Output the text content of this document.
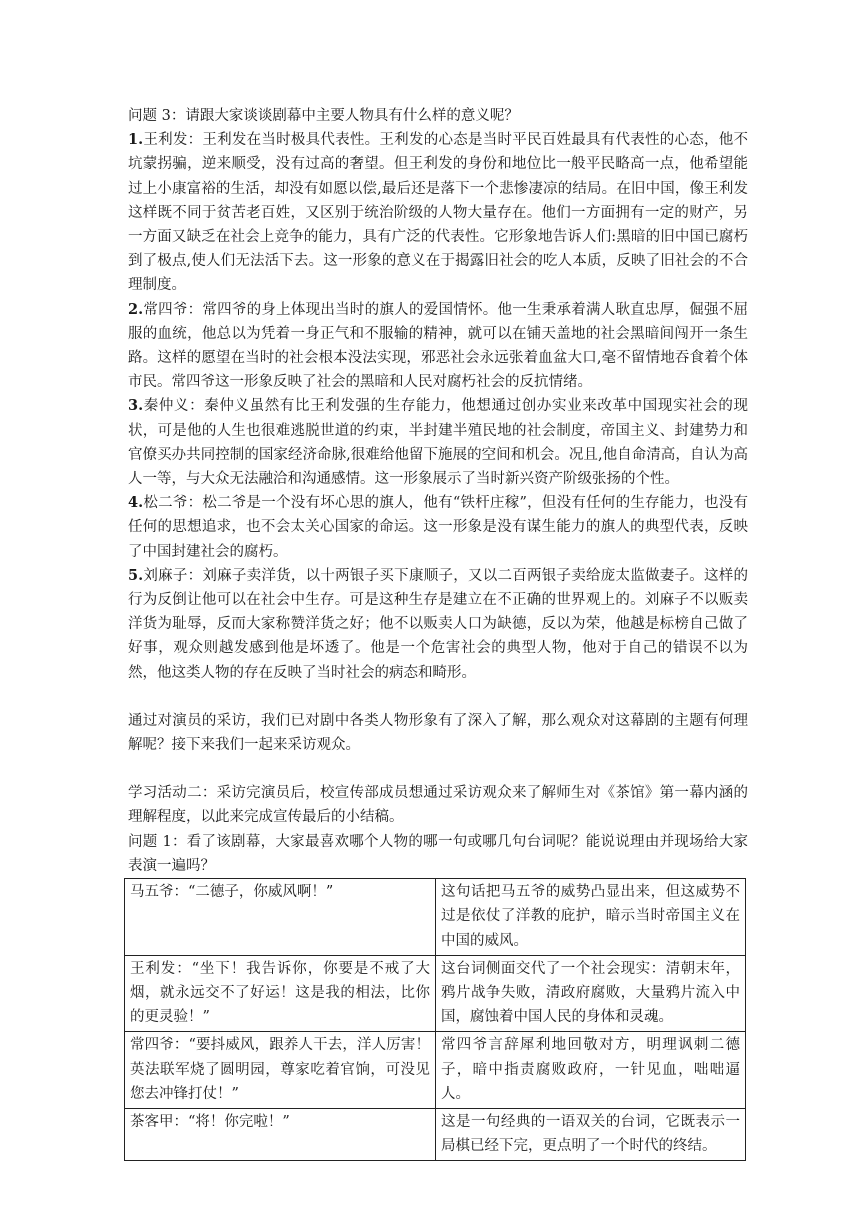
问题 3：请跟大家谈谈剧幕中主要人物具有什么样的意义呢？

1.王利发：王利发在当时极具代表性。王利发的心态是当时平民百姓最具有代表性的心态，他不坑蒙拐骗，逆来顺受，没有过高的奢望。但王利发的身份和地位比一般平民略高一点，他希望能过上小康富裕的生活，却没有如愿以偿,最后还是落下一个悲惨凄凉的结局。在旧中国，像王利发这样既不同于贫苦老百姓，又区别于统治阶级的人物大量存在。他们一方面拥有一定的财产，另一方面又缺乏在社会上竞争的能力，具有广泛的代表性。它形象地告诉人们:黑暗的旧中国已腐朽到了极点,使人们无法活下去。这一形象的意义在于揭露旧社会的吃人本质，反映了旧社会的不合理制度。

2.常四爷：常四爷的身上体现出当时的旗人的爱国情怀。他一生秉承着满人耿直忠厚，倔强不屈服的血统，他总以为凭着一身正气和不服输的精神，就可以在铺天盖地的社会黑暗间闯开一条生路。这样的愿望在当时的社会根本没法实现，邪恶社会永远张着血盆大口,毫不留情地吞食着个体市民。常四爷这一形象反映了社会的黑暗和人民对腐朽社会的反抗情绪。

3.秦仲义：秦仲义虽然有比王利发强的生存能力，他想通过创办实业来改革中国现实社会的现状，可是他的人生也很难逃脱世道的约束，半封建半殖民地的社会制度，帝国主义、封建势力和官僚买办共同控制的国家经济命脉,很难给他留下施展的空间和机会。况且,他自命清高，自认为高人一等，与大众无法融洽和沟通感情。这一形象展示了当时新兴资产阶级张扬的个性。

4.松二爷：松二爷是一个没有坏心思的旗人，他有“铁杆庄稼”，但没有任何的生存能力，也没有任何的思想追求，也不会太关心国家的命运。这一形象是没有谋生能力的旗人的典型代表，反映了中国封建社会的腐朽。

5.刘麻子：刘麻子卖洋货，以十两银子买下康顺子，又以二百两银子卖给庞太监做妻子。这样的行为反倒让他可以在社会中生存。可是这种生存是建立在不正确的世界观上的。刘麻子不以贩卖洋货为耻辱，反而大家称赞洋货之好；他不以贩卖人口为缺德，反以为荣，他越是标榜自己做了好事，观众则越发感到他是坏透了。他是一个危害社会的典型人物，他对于自己的错误不以为然，他这类人物的存在反映了当时社会的病态和畸形。

通过对演员的采访，我们已对剧中各类人物形象有了深入了解，那么观众对这幕剧的主题有何理解呢？接下来我们一起来采访观众。

学习活动二：采访完演员后，校宣传部成员想通过采访观众来了解师生对《茶馆》第一幕内涵的理解程度，以此来完成宣传最后的小结稿。

问题 1：看了该剧幕，大家最喜欢哪个人物的哪一句或哪几句台词呢？能说说理由并现场给大家表演一遍吗？

马五爷：“二德子，你威风啊！”	这句话把马五爷的威势凸显出来，但这威势不过是依仗了洋教的庇护，暗示当时帝国主义在中国的威风。
王利发：“坐下！我告诉你，你要是不戒了大烟，就永远交不了好运！这是我的相法，比你的更灵验！”	这台词侧面交代了一个社会现实：清朝末年，鸦片战争失败，清政府腐败，大量鸦片流入中国，腐蚀着中国人民的身体和灵魂。
常四爷：“要抖威风，跟养人干去，洋人厉害！英法联军烧了圆明园，尊家吃着官饷，可没见您去冲锋打仗！”	常四爷言辞犀利地回敬对方，明理讽刺二德子，暗中指责腐败政府，一针见血，咄咄逼人。
茶客甲：“将！你完啦！”	这是一句经典的一语双关的台词，它既表示一局棋已经下完，更点明了一个时代的终结。
